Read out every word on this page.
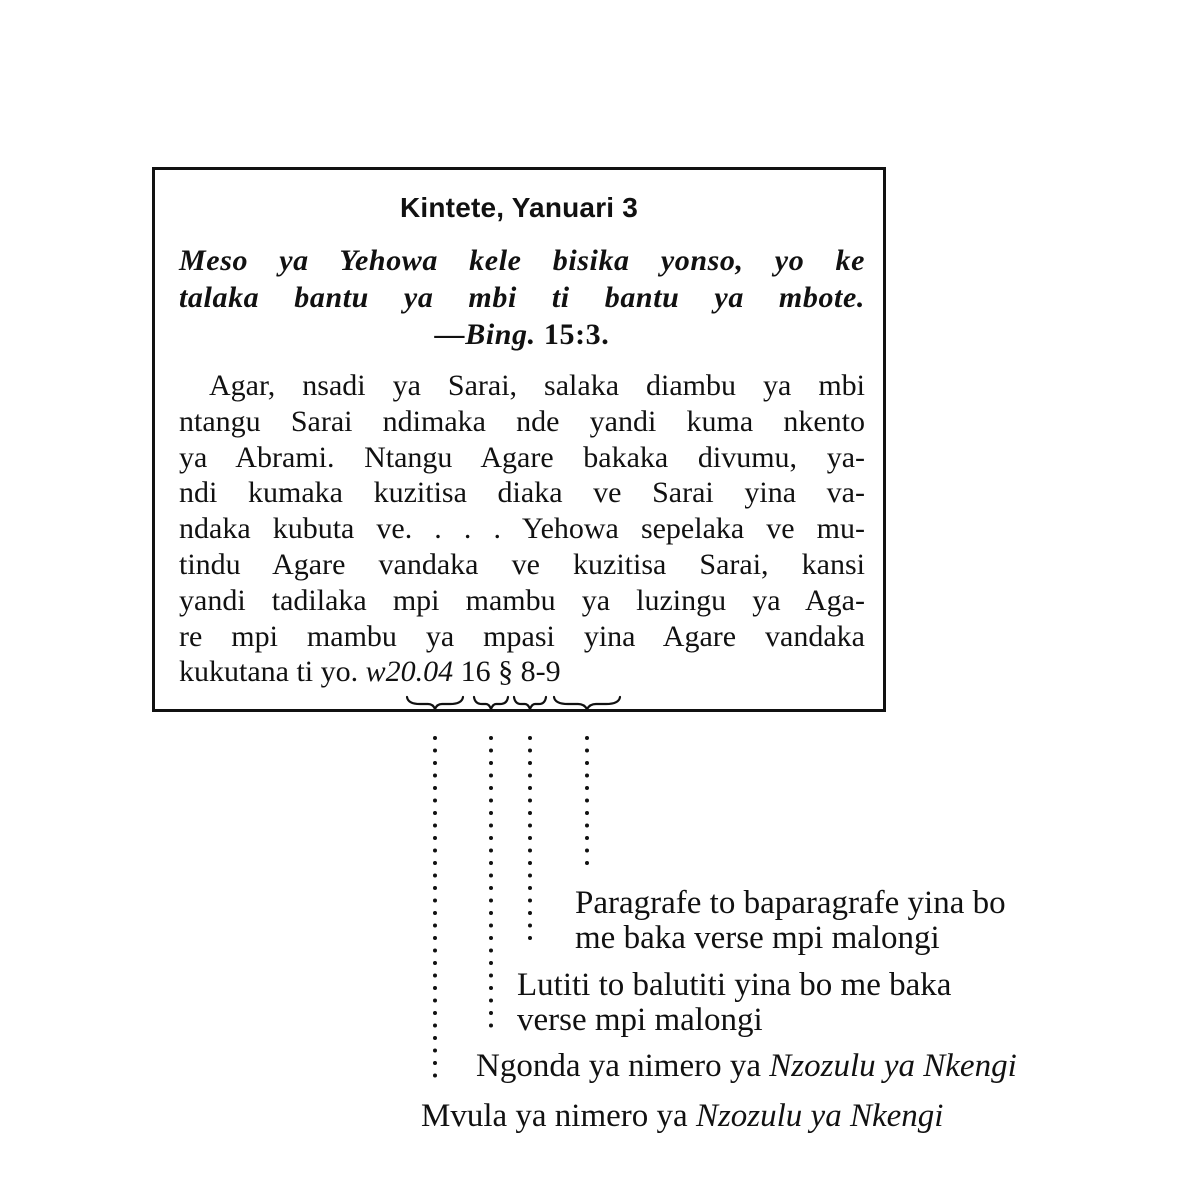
Kintete, Yanuari 3
Meso ya Yehowa kele bisika yonso, yo ke
talaka bantu ya mbi ti bantu ya mbote.
—Bing. 15:3.
Agar, nsadi ya Sarai, salaka diambu ya mbi
ntangu Sarai ndimaka nde yandi kuma nkento
ya Abrami. Ntangu Agare bakaka divumu, ya-
ndi kumaka kuzitisa diaka ve Sarai yina va-
ndaka kubuta ve. . . . Yehowa sepelaka ve mu-
tindu Agare vandaka ve kuzitisa Sarai, kansi
yandi tadilaka mpi mambu ya luzingu ya Aga-
re mpi mambu ya mpasi yina Agare vandaka
kukutana ti yo. w20.04 16 § 8-9
Paragrafe to baparagrafe yina bo
me baka verse mpi malongi
Lutiti to balutiti yina bo me baka
verse mpi malongi
Ngonda ya nimero ya Nzozulu ya Nkengi
Mvula ya nimero ya Nzozulu ya Nkengi
